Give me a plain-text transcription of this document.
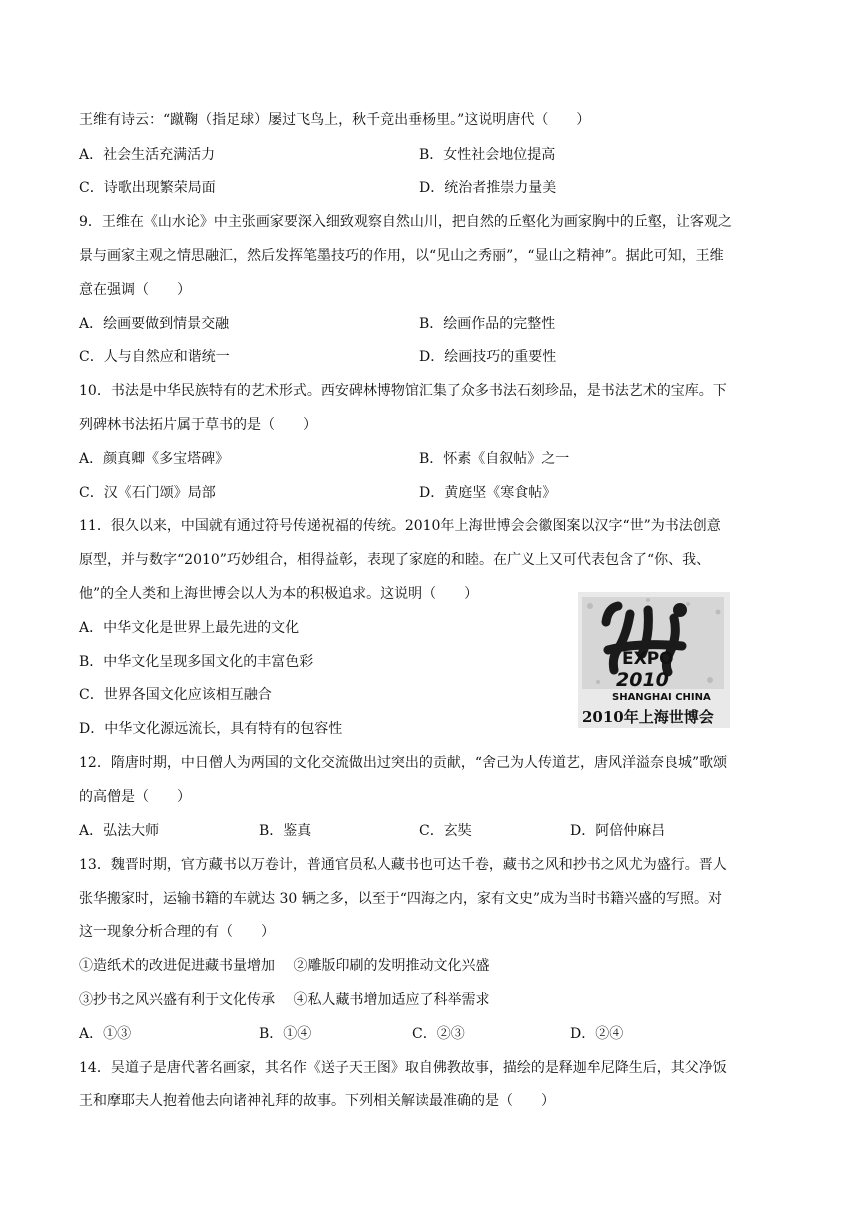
王维有诗云：“蹴鞠（指足球）屡过飞鸟上，秋千竞出垂杨里。”这说明唐代（　　）
A．社会生活充满活力	B．女性社会地位提高
C．诗歌出现繁荣局面	D．统治者推崇力量美
9．王维在《山水论》中主张画家要深入细致观察自然山川，把自然的丘壑化为画家胸中的丘壑，让客观之
景与画家主观之情思融汇，然后发挥笔墨技巧的作用，以“见山之秀丽”，“显山之精神”。据此可知，王维
意在强调（　　）
A．绘画要做到情景交融	B．绘画作品的完整性
C．人与自然应和谐统一	D．绘画技巧的重要性
10．书法是中华民族特有的艺术形式。西安碑林博物馆汇集了众多书法石刻珍品，是书法艺术的宝库。下
列碑林书法拓片属于草书的是（　　）
A．颜真卿《多宝塔碑》	B．怀素《自叙帖》之一
C．汉《石门颂》局部	D．黄庭坚《寒食帖》
11．很久以来，中国就有通过符号传递祝福的传统。2010年上海世博会会徽图案以汉字“世”为书法创意
原型，并与数字“2010”巧妙组合，相得益彰，表现了家庭的和睦。在广义上又可代表包含了“你、我、
他”的全人类和上海世博会以人为本的积极追求。这说明（　　）
A．中华文化是世界上最先进的文化
B．中华文化呈现多国文化的丰富色彩
C．世界各国文化应该相互融合
D．中华文化源远流长，具有特有的包容性
EXPO
2010
SHANGHAI CHINA
2010年上海世博会
12．隋唐时期，中日僧人为两国的文化交流做出过突出的贡献，“舍己为人传道艺，唐风洋溢奈良城”歌颂
的高僧是（　　）
A．弘法大师	B．鉴真	C．玄奘	D．阿倍仲麻吕
13．魏晋时期，官方藏书以万卷计，普通官员私人藏书也可达千卷，藏书之风和抄书之风尤为盛行。晋人
张华搬家时，运输书籍的车就达 30 辆之多，以至于“四海之内，家有文史”成为当时书籍兴盛的写照。对
这一现象分析合理的有（　　）
①造纸术的改进促进藏书量增加　 ②雕版印刷的发明推动文化兴盛
③抄书之风兴盛有利于文化传承　 ④私人藏书增加适应了科举需求
A．①③	B．①④	C．②③	D．②④
14．吴道子是唐代著名画家，其名作《送子天王图》取自佛教故事，描绘的是释迦牟尼降生后，其父净饭
王和摩耶夫人抱着他去向诸神礼拜的故事。下列相关解读最准确的是（　　）
